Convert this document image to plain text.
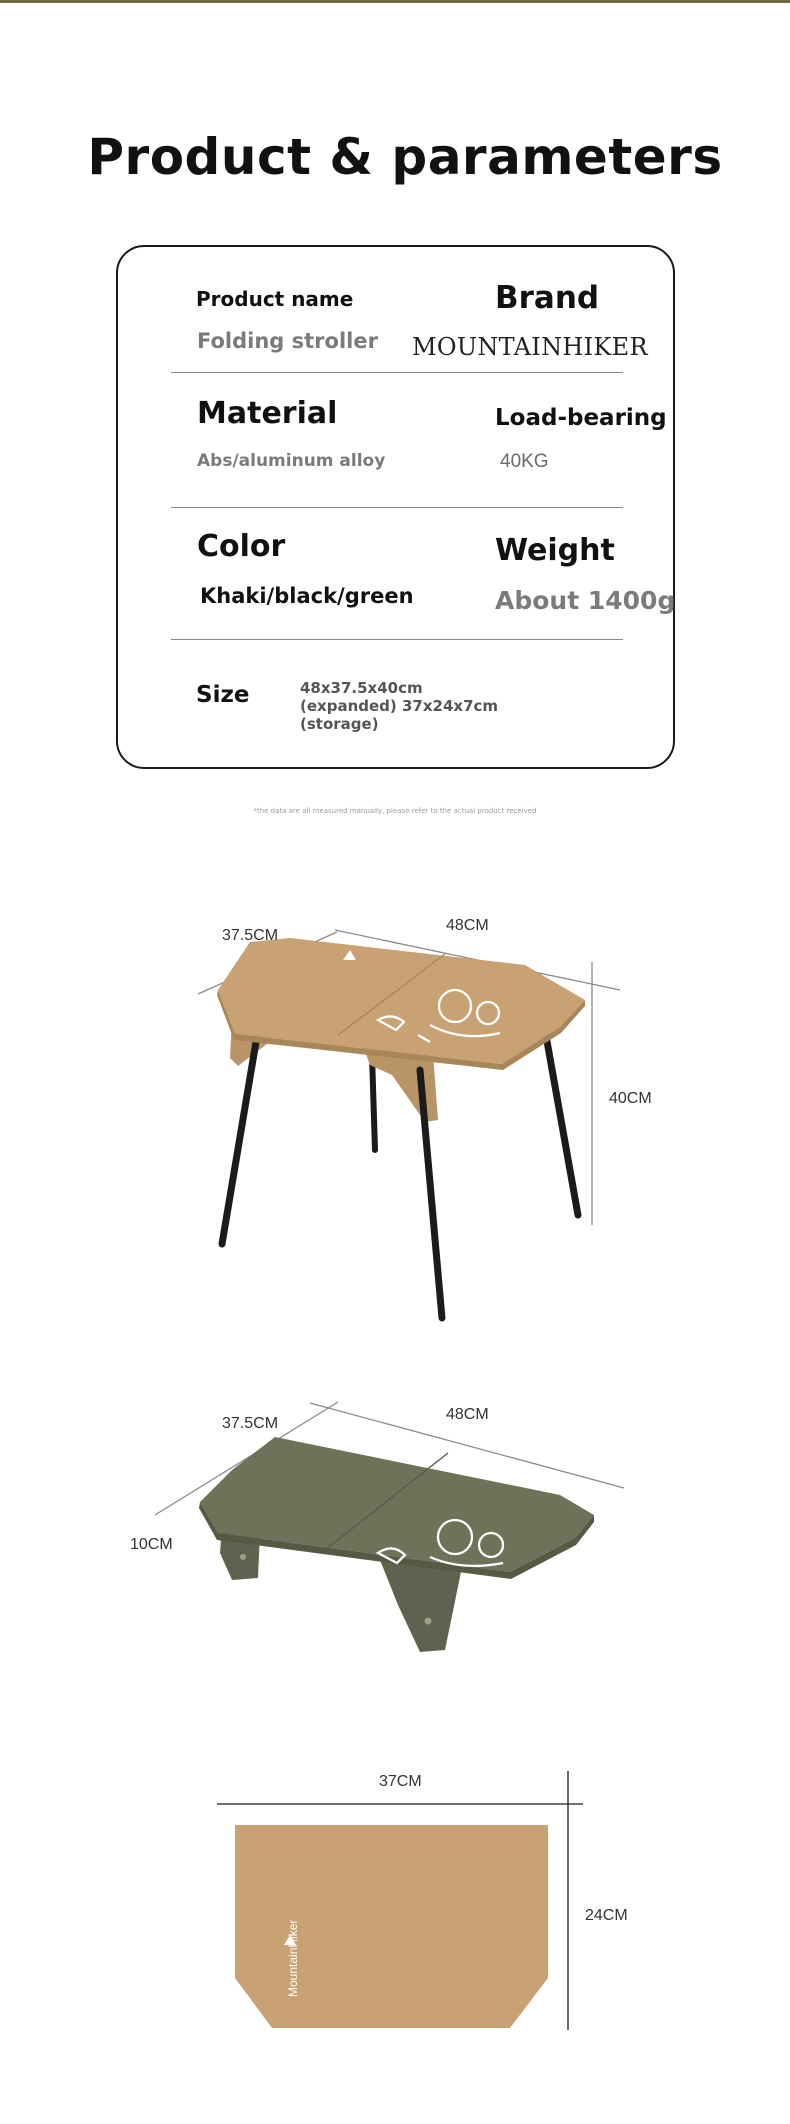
Product & parameters
Product name
Folding stroller
Brand
MOUNTAINHIKER
Material
Abs/aluminum alloy
Load-bearing
40KG
Color
Khaki/black/green
Weight
About 1400g
Size	48x37.5x40cm
(expanded) 37x24x7cm
(storage)
*the data are all measured manually, please refer to the actual product received
37.5CM
48CM
40CM
37.5CM
48CM
10CM
MountainHiker
37CM
24CM
